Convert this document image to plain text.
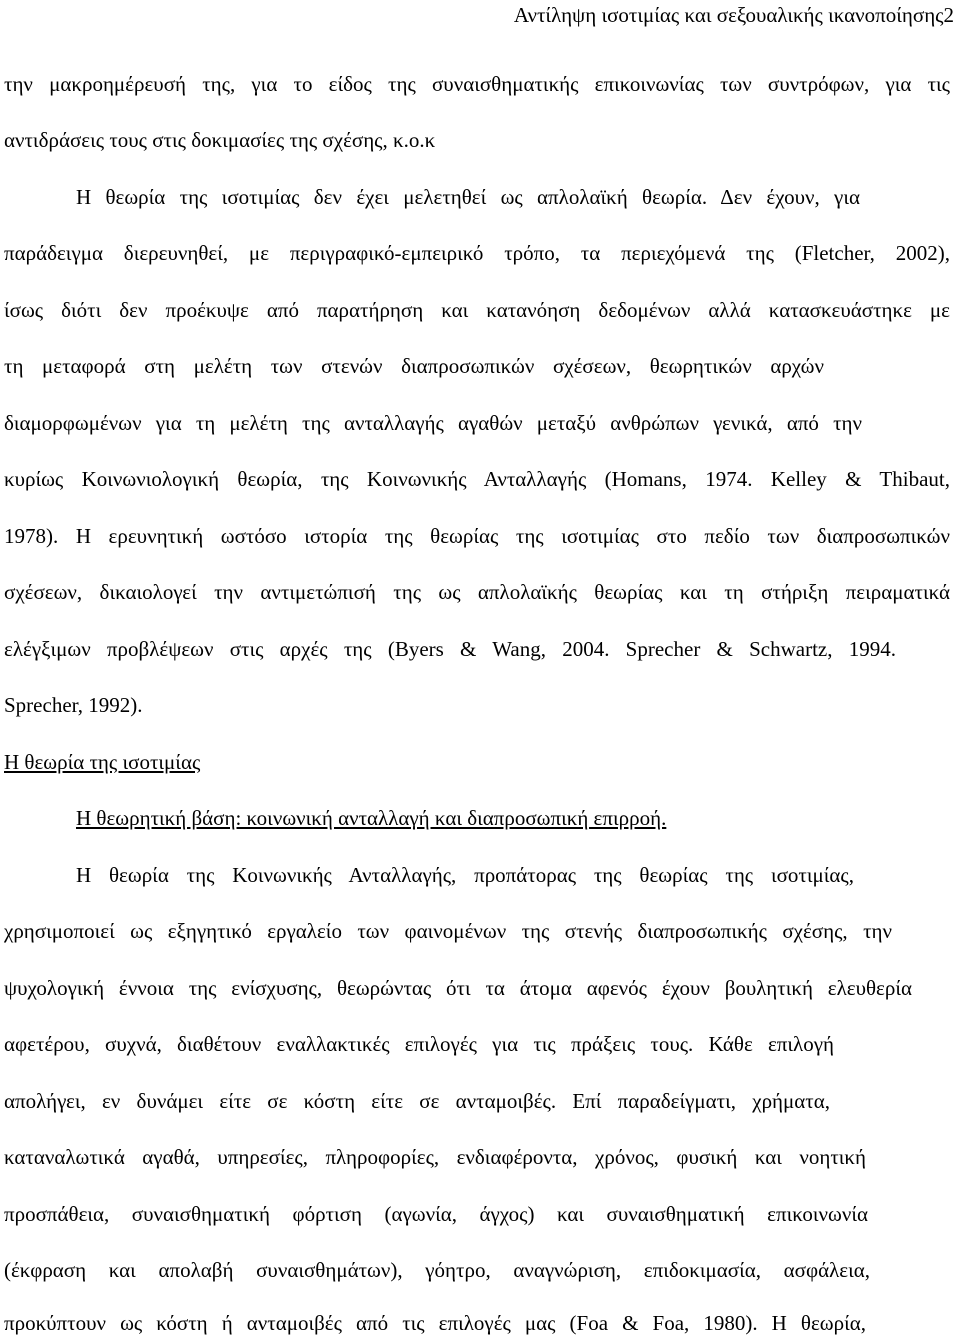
Αντίληψη ισοτιμίας και σεξουαλικής ικανοποίησης2
την μακροημέρευσή της, για το είδος της συναισθηματικής επικοινωνίας των συντρόφων, για τις
αντιδράσεις τους στις δοκιμασίες της σχέσης, κ.ο.κ
Η θεωρία της ισοτιμίας δεν έχει μελετηθεί ως απλολαϊκή θεωρία. Δεν έχουν, για
παράδειγμα διερευνηθεί, με περιγραφικό-εμπειρικό τρόπο, τα περιεχόμενά της (Fletcher, 2002),
ίσως διότι δεν προέκυψε από παρατήρηση και κατανόηση δεδομένων αλλά κατασκευάστηκε με
τη μεταφορά στη μελέτη των στενών διαπροσωπικών σχέσεων, θεωρητικών αρχών
διαμορφωμένων για τη μελέτη της ανταλλαγής αγαθών μεταξύ ανθρώπων γενικά, από την
κυρίως Κοινωνιολογική θεωρία, της Κοινωνικής Ανταλλαγής (Homans, 1974. Kelley & Thibaut,
1978). Η ερευνητική ωστόσο ιστορία της θεωρίας της ισοτιμίας στο πεδίο των διαπροσωπικών
σχέσεων, δικαιολογεί την αντιμετώπισή της ως απλολαϊκής θεωρίας και τη στήριξη πειραματικά
ελέγξιμων προβλέψεων στις αρχές της (Byers & Wang, 2004. Sprecher & Schwartz, 1994.
Sprecher, 1992).
Η θεωρία της ισοτιμίας
Η θεωρητική βάση: κοινωνική ανταλλαγή και διαπροσωπική επιρροή.
Η θεωρία της Κοινωνικής Ανταλλαγής, προπάτορας της θεωρίας της ισοτιμίας,
χρησιμοποιεί ως εξηγητικό εργαλείο των φαινομένων της στενής διαπροσωπικής σχέσης, την
ψυχολογική έννοια της ενίσχυσης, θεωρώντας ότι τα άτομα αφενός έχουν βουλητική ελευθερία
αφετέρου, συχνά, διαθέτουν εναλλακτικές επιλογές για τις πράξεις τους. Κάθε επιλογή
απολήγει, εν δυνάμει είτε σε κόστη είτε σε ανταμοιβές. Επί παραδείγματι, χρήματα,
καταναλωτικά αγαθά, υπηρεσίες, πληροφορίες, ενδιαφέροντα, χρόνος, φυσική και νοητική
προσπάθεια, συναισθηματική φόρτιση (αγωνία, άγχος) και συναισθηματική επικοινωνία
(έκφραση και απολαβή συναισθημάτων), γόητρο, αναγνώριση, επιδοκιμασία, ασφάλεια,
προκύπτουν ως κόστη ή ανταμοιβές από τις επιλογές μας (Foa & Foa, 1980). Η θεωρία,
